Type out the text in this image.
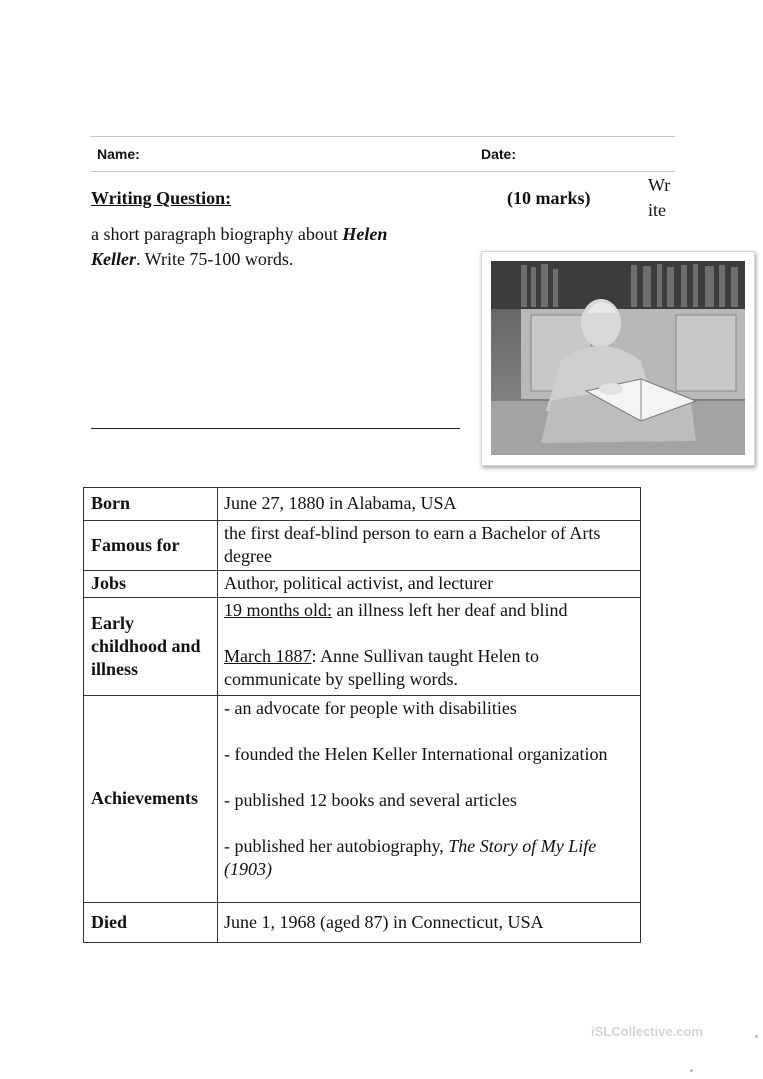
Name:	Date:
Writing Question:	(10 marks)
Wr
ite
a short paragraph biography about Helen Keller. Write 75-100 words.
Born	June 27, 1880 in Alabama, USA
Famous for	the first deaf-blind person to earn a Bachelor of Arts degree
Jobs	Author, political activist, and lecturer
Early childhood and illness	19 months old: an illness left her deaf and blind
March 1887: Anne Sullivan taught Helen to communicate by spelling words.

Achievements	- an advocate for people with disabilities
- founded the Helen Keller International organization
- published 12 books and several articles
- published her autobiography, The Story of My Life (1903)

Died	June 1, 1968 (aged 87) in Connecticut, USA
iSLCollective.com
